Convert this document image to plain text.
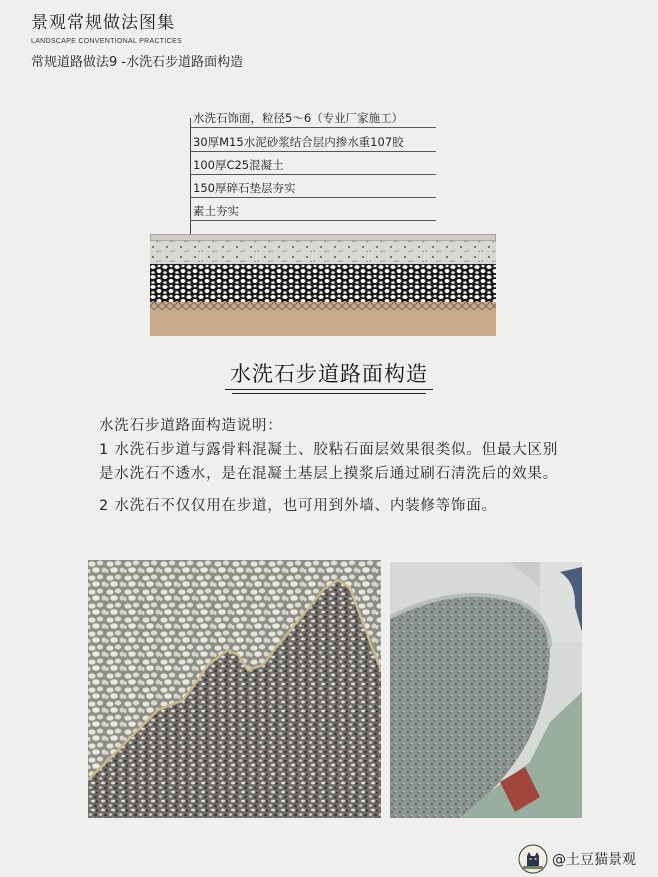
景观常规做法图集
LANDSCAPE CONVENTIONAL PRACTICES
常规道路做法9 -水洗石步道路面构造
水洗石饰面，粒径5～6（专业厂家施工）
30厚M15水泥砂浆结合层内掺水重107胶
100厚C25混凝土
150厚碎石垫层夯实
素土夯实
水洗石步道路面构造

水洗石步道路面构造说明：

1 水洗石步道与露骨料混凝土、胶粘石面层效果很类似。但最大区别是水洗石不透水，是在混凝土基层上摸浆后通过刷石清洗后的效果。

2 水洗石不仅仅用在步道，也可用到外墙、内装修等饰面。

@土豆猫景观
